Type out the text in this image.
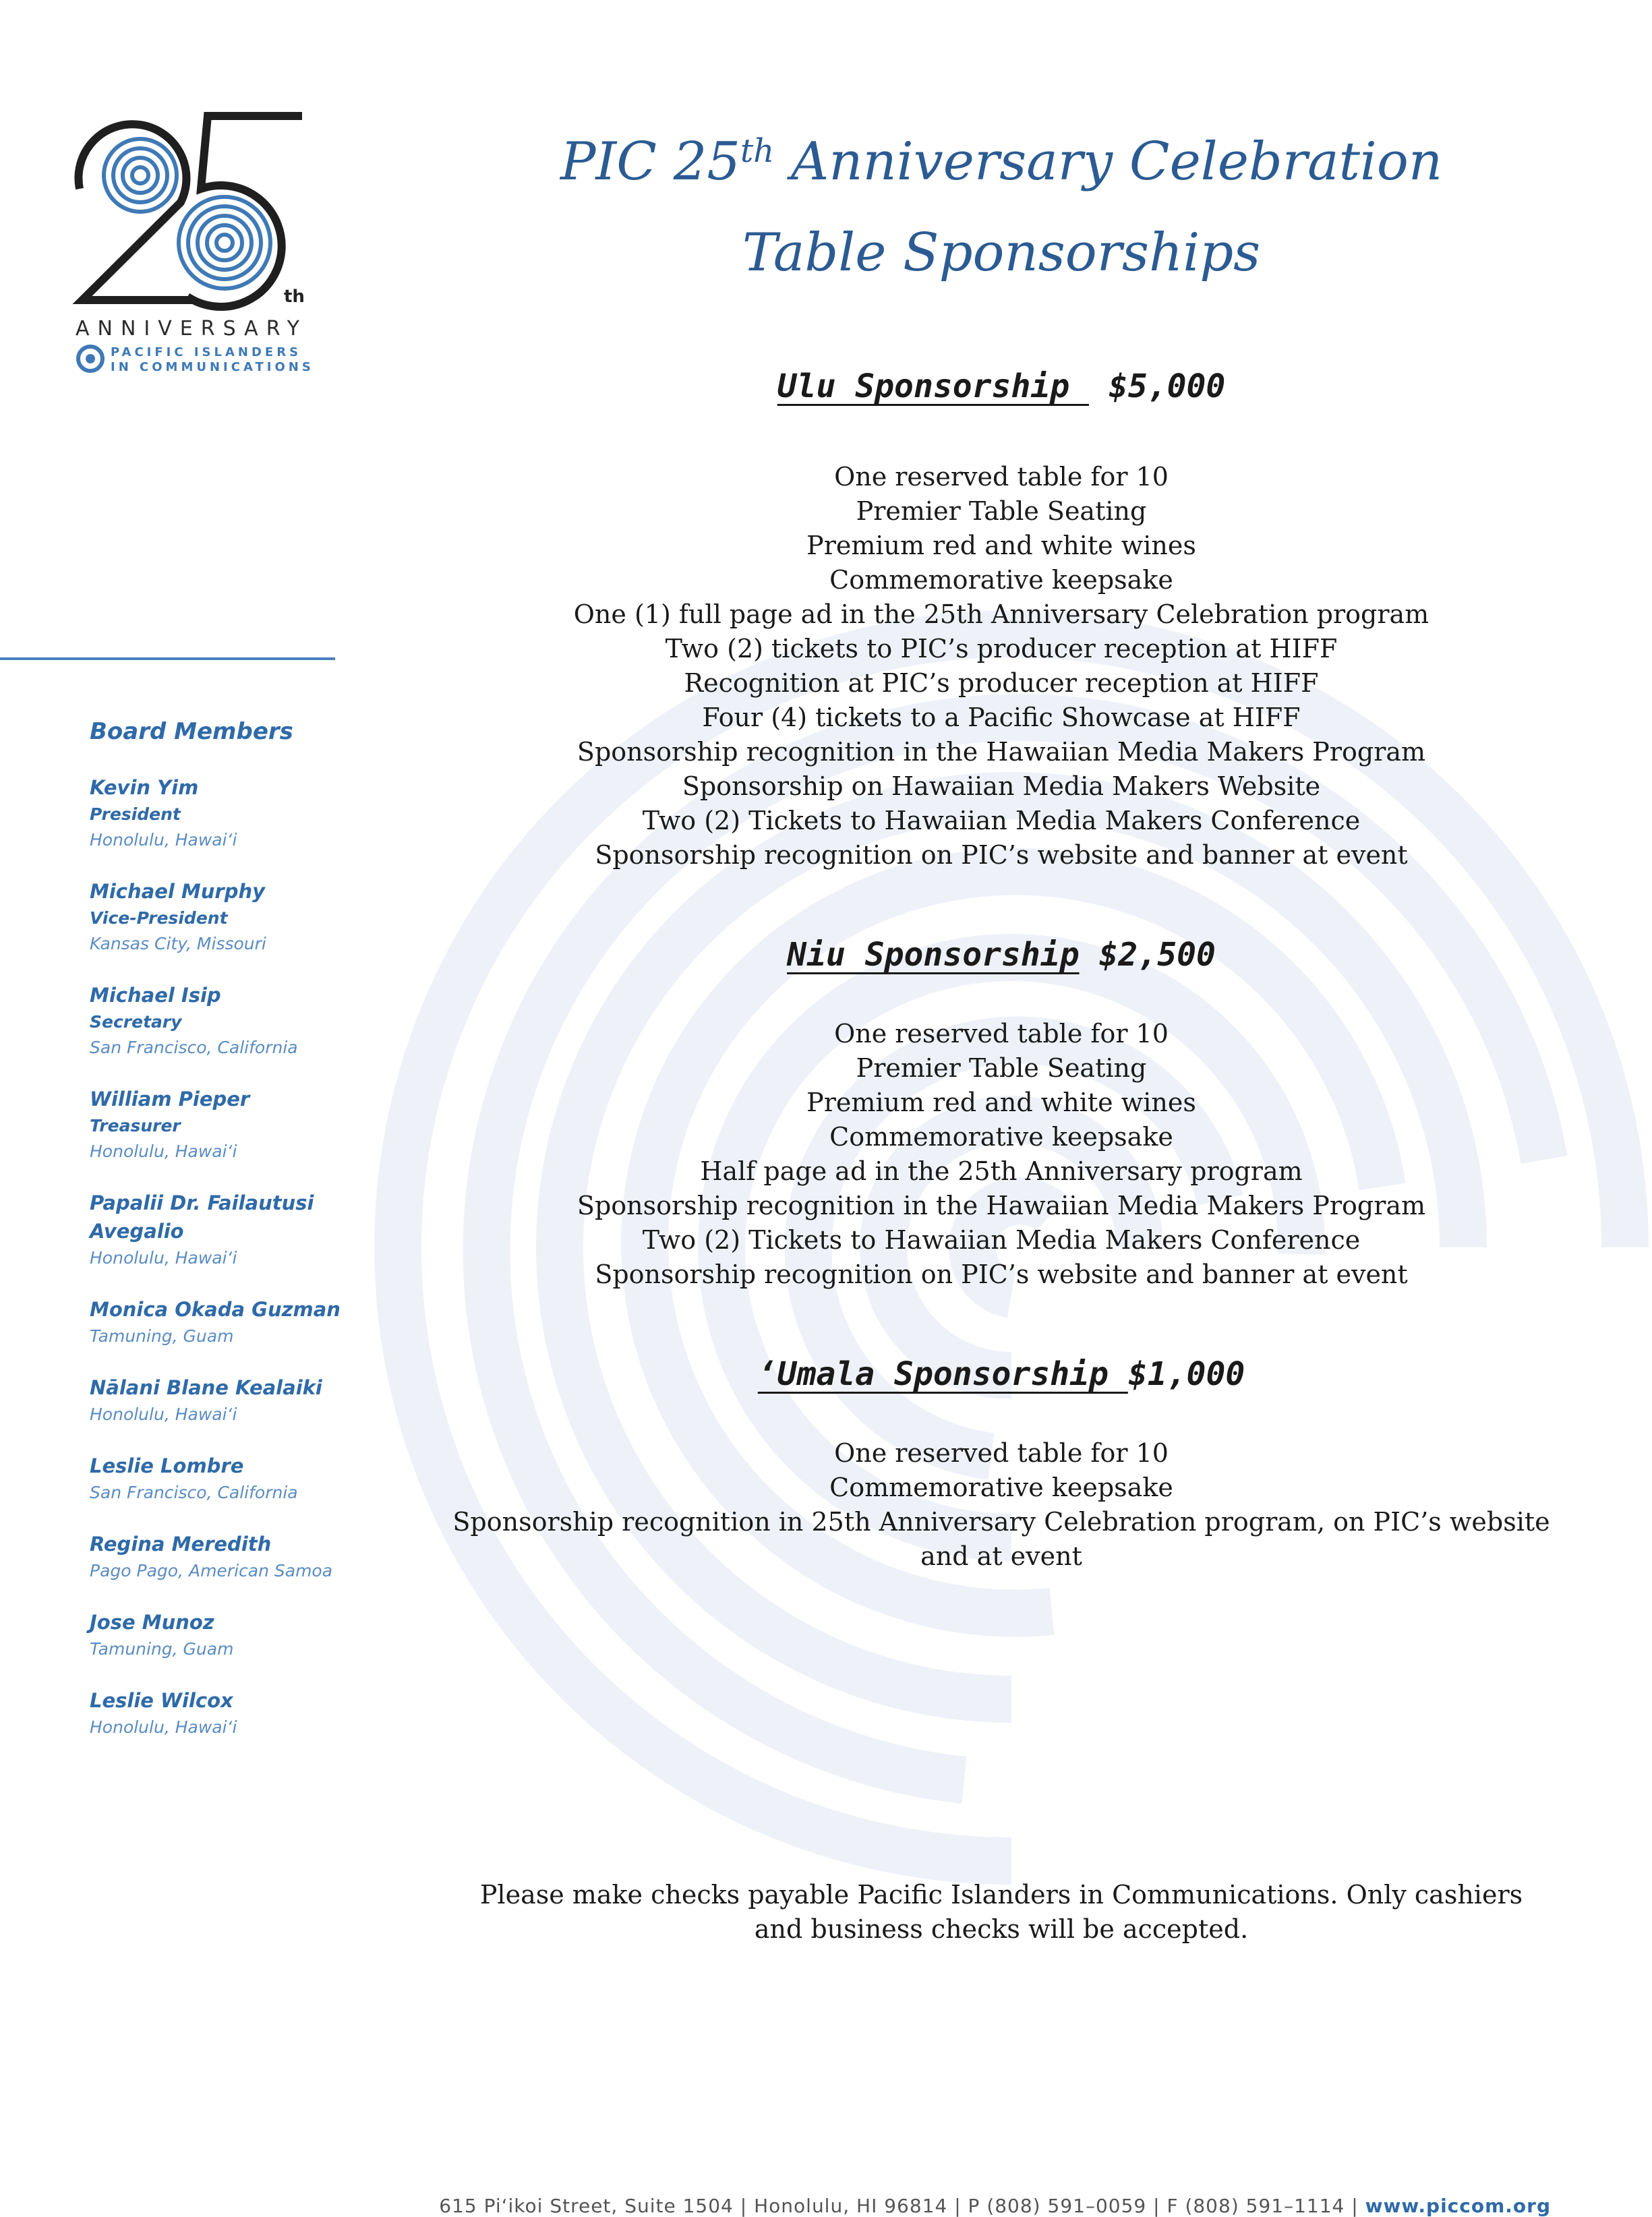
th
ANNIVERSARY
PACIFIC ISLANDERS
IN COMMUNICATIONS
Board Members
Kevin Yim
President
Honolulu, Hawai‘i
Michael Murphy
Vice-President
Kansas City, Missouri
Michael Isip
Secretary
San Francisco, California
William Pieper
Treasurer
Honolulu, Hawai‘i
Papalii Dr. Failautusi Avegalio
Honolulu, Hawai‘i
Monica Okada Guzman
Tamuning, Guam
Nālani Blane Kealaiki
Honolulu, Hawai‘i
Leslie Lombre
San Francisco, California
Regina Meredith
Pago Pago, American Samoa
Jose Munoz
Tamuning, Guam
Leslie Wilcox
Honolulu, Hawai‘i
PIC 25th Anniversary Celebration
Table Sponsorships
Ulu Sponsorship  $5,000
One reserved table for 10
Premier Table Seating
Premium red and white wines
Commemorative keepsake
One (1) full page ad in the 25th Anniversary Celebration program
Two (2) tickets to PIC’s producer reception at HIFF
Recognition at PIC’s producer reception at HIFF
Four (4) tickets to a Pacific Showcase at HIFF
Sponsorship recognition in the Hawaiian Media Makers Program
Sponsorship on Hawaiian Media Makers Website
Two (2) Tickets to Hawaiian Media Makers Conference
Sponsorship recognition on PIC’s website and banner at event
Niu Sponsorship $2,500
One reserved table for 10
Premier Table Seating
Premium red and white wines
Commemorative keepsake
Half page ad in the 25th Anniversary program
Sponsorship recognition in the Hawaiian Media Makers Program
Two (2) Tickets to Hawaiian Media Makers Conference
Sponsorship recognition on PIC’s website and banner at event
‘Umala Sponsorship $1,000
One reserved table for 10
Commemorative keepsake
Sponsorship recognition in 25th Anniversary Celebration program, on PIC’s website and at event
Please make checks payable Pacific Islanders in Communications. Only cashiers and business checks will be accepted.
615 Pi‘ikoi Street, Suite 1504 | Honolulu, HI 96814 | P (808) 591–0059 | F (808) 591–1114 | www.piccom.org
